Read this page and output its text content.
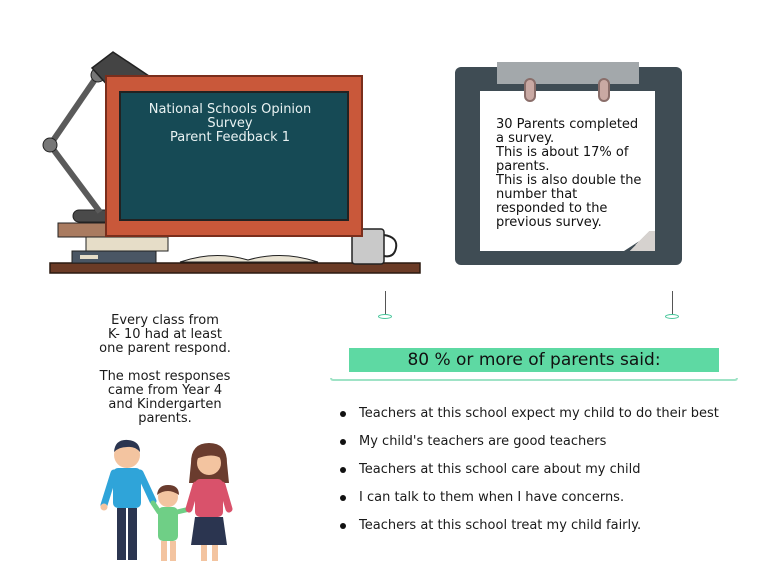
National Schools Opinion
Survey
Parent Feedback 1
30 Parents completed
a survey.
This is about 17% of
parents.
This is also double the
number that
responded to the
previous survey.
Every class from
K- 10 had at least
one parent respond.
The most responses
came from Year 4
and Kindergarten
parents.
80 % or more of parents said:
Teachers at this school expect my child to do their best
My child's teachers are good teachers
Teachers at this school care about my child
I can talk to them when I have concerns.
Teachers at this school treat my child fairly.
